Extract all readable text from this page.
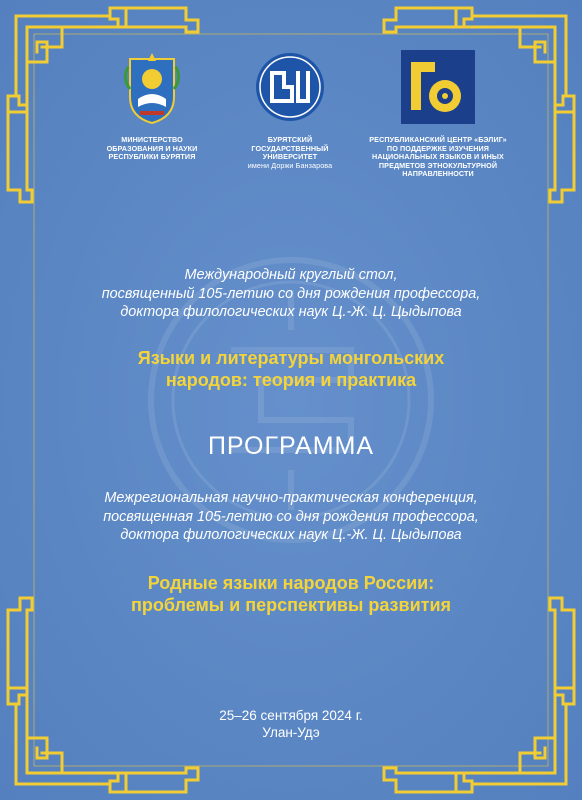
МИНИСТЕРСТВО
ОБРАЗОВАНИЯ И НАУКИ
РЕСПУБЛИКИ БУРЯТИЯ
БУРЯТСКИЙ
ГОСУДАРСТВЕННЫЙ
УНИВЕРСИТЕТ
имени Доржи Банзарова
РЕСПУБЛИКАНСКИЙ ЦЕНТР «БЭЛИГ»
ПО ПОДДЕРЖКЕ ИЗУЧЕНИЯ
НАЦИОНАЛЬНЫХ ЯЗЫКОВ И ИНЫХ
ПРЕДМЕТОВ ЭТНОКУЛЬТУРНОЙ
НАПРАВЛЕННОСТИ
Международный круглый стол,
посвященный 105-летию со дня рождения профессора,
доктора филологических наук Ц.-Ж. Ц. Цыдыпова
Языки и литературы монгольских
народов: теория и практика
ПРОГРАММА
Межрегиональная научно-практическая конференция,
посвященная 105-летию со дня рождения профессора,
доктора филологических наук Ц.-Ж. Ц. Цыдыпова
Родные языки народов России:
проблемы и перспективы развития
25–26 сентября 2024 г.
Улан-Удэ
